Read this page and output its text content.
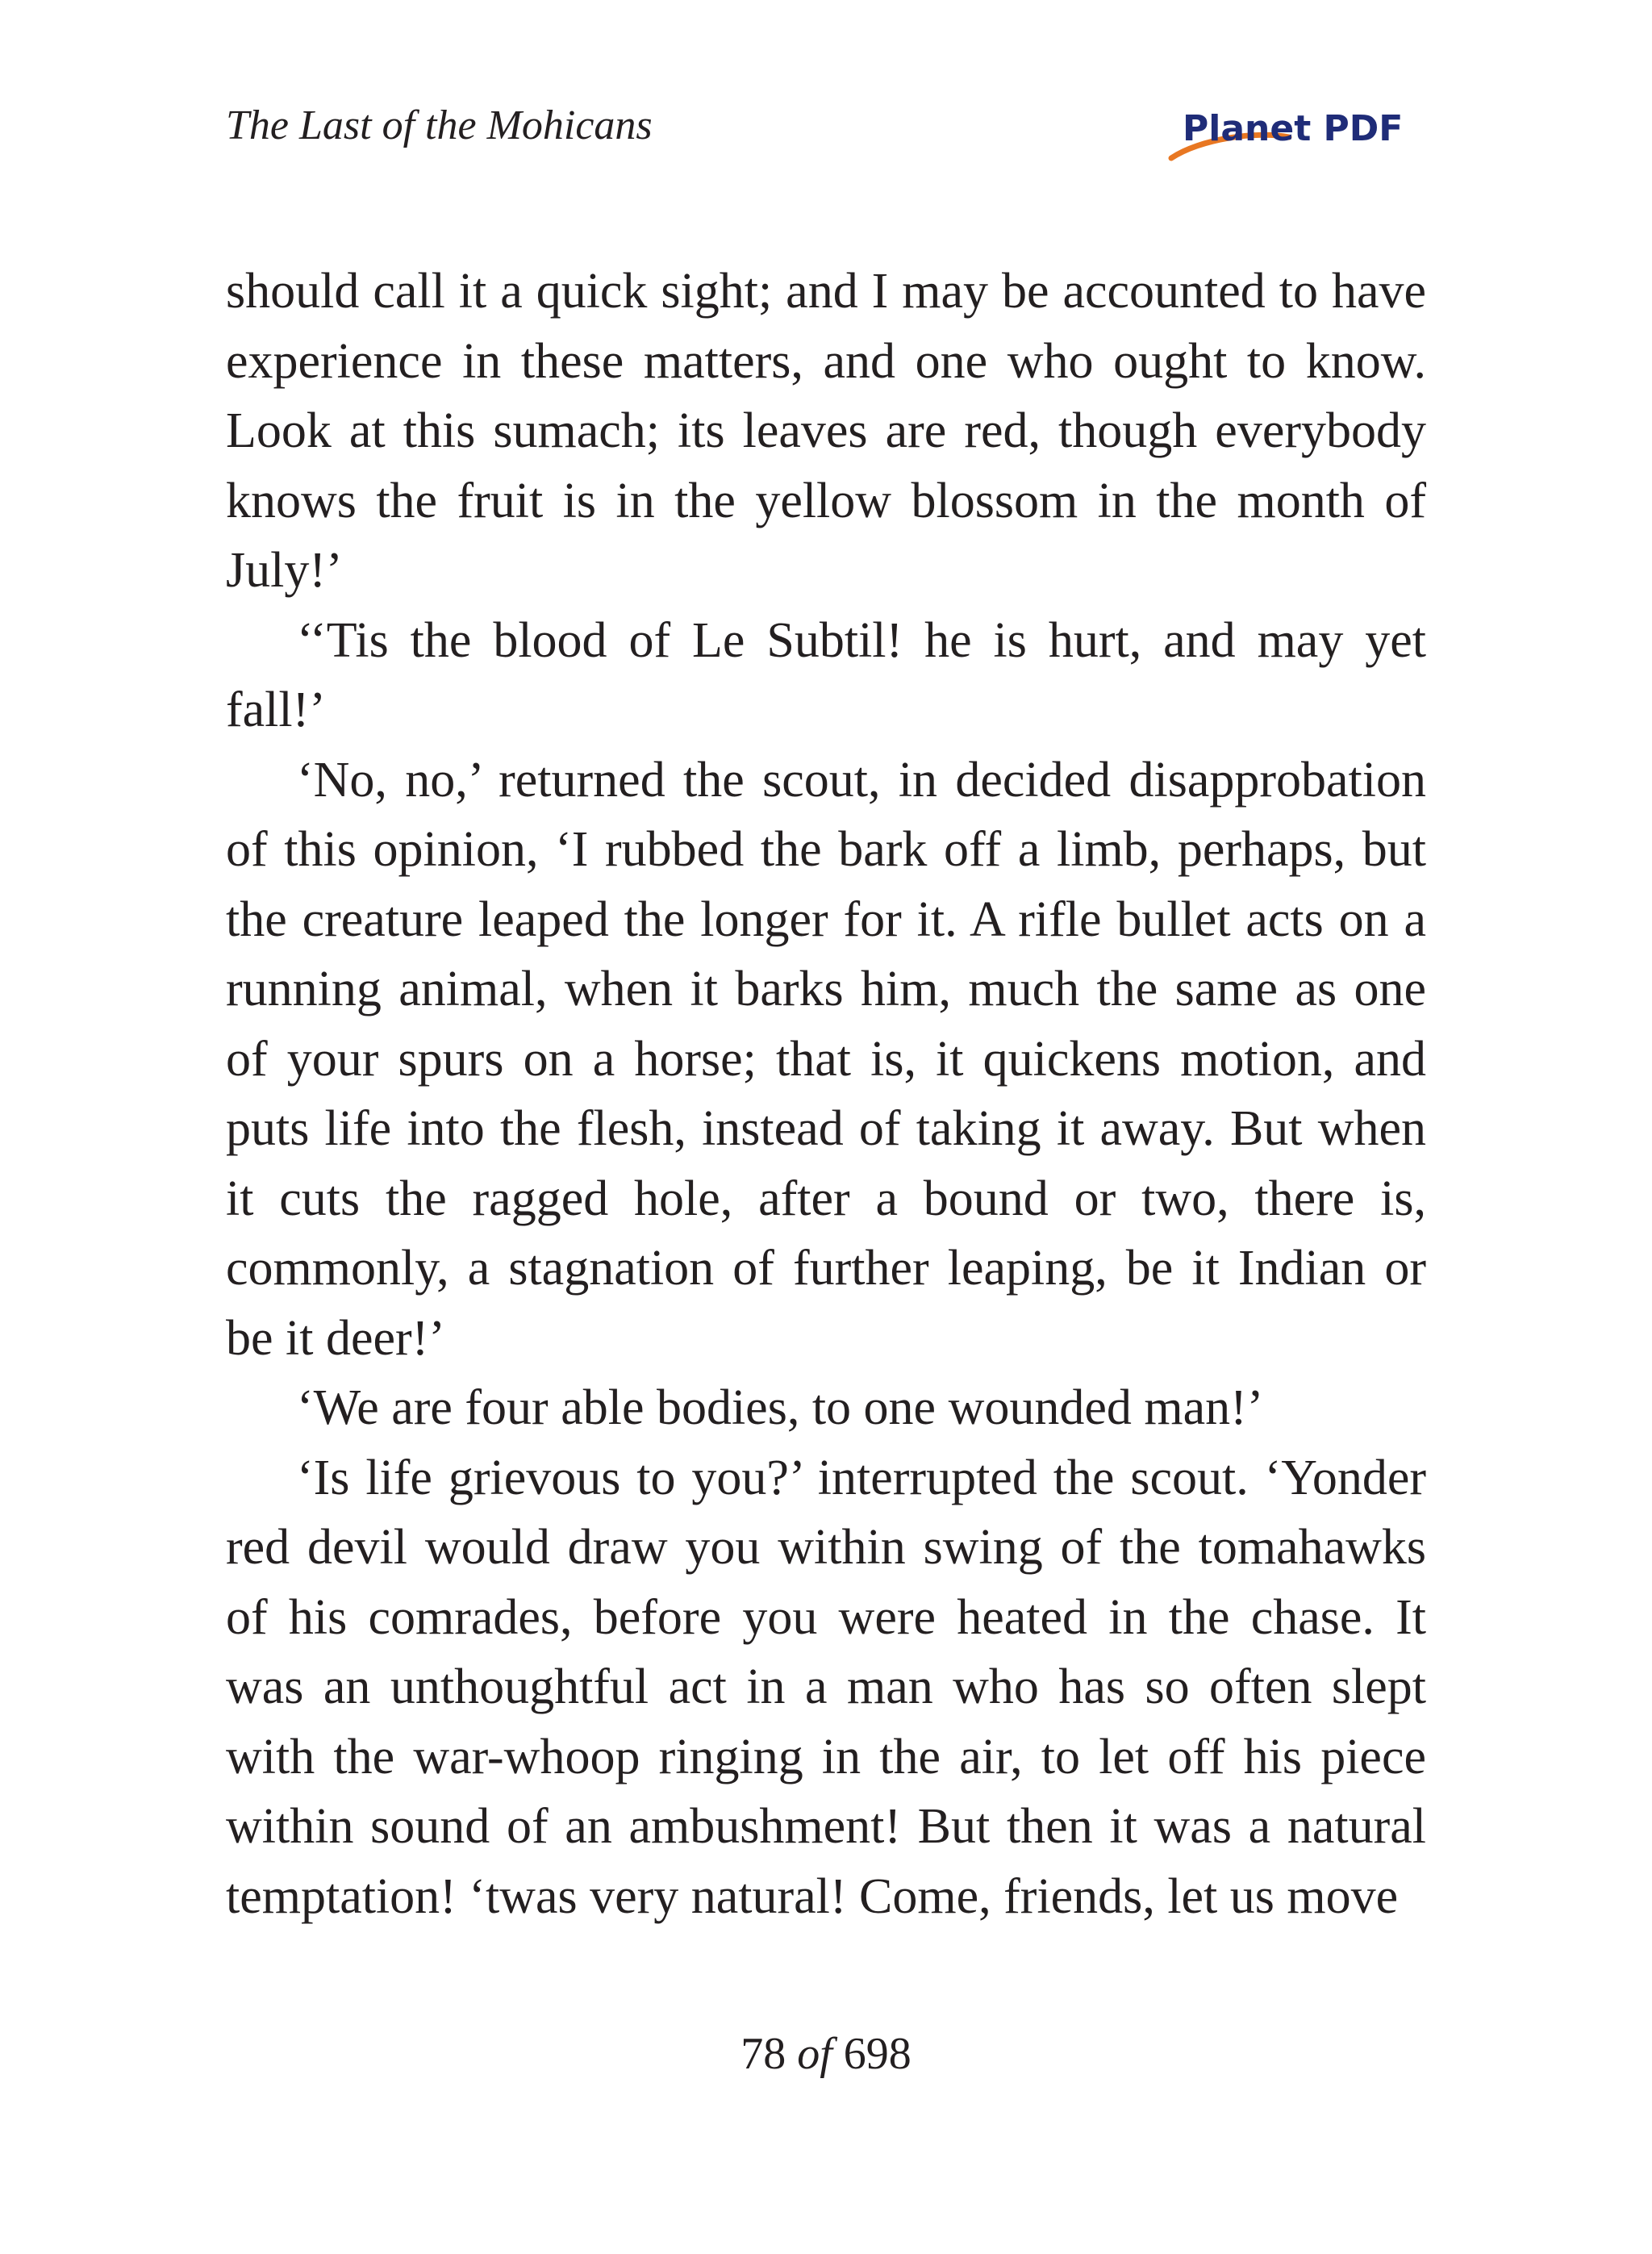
The Last of the Mohicans	Planet PDF

should call it a quick sight; and I may be accounted to have experience in these matters, and one who ought to know. Look at this sumach; its leaves are red, though everybody knows the fruit is in the yellow blossom in the month of July!’

‘‘Tis the blood of Le Subtil! he is hurt, and may yet fall!’

‘No, no,’ returned the scout, in decided disapprobation of this opinion, ‘I rubbed the bark off a limb, perhaps, but the creature leaped the longer for it. A rifle bullet acts on a running animal, when it barks him, much the same as one of your spurs on a horse; that is, it quickens motion, and puts life into the flesh, instead of taking it away. But when it cuts the ragged hole, after a bound or two, there is, commonly, a stagnation of further leaping, be it Indian or be it deer!’

‘We are four able bodies, to one wounded man!’

‘Is life grievous to you?’ interrupted the scout. ‘Yonder red devil would draw you within swing of the tomahawks of his comrades, before you were heated in the chase. It was an unthoughtful act in a man who has so often slept with the war-whoop ringing in the air, to let off his piece within sound of an ambushment! But then it was a natural temptation! ‘twas very natural! Come, friends, let us move

78 of 698
